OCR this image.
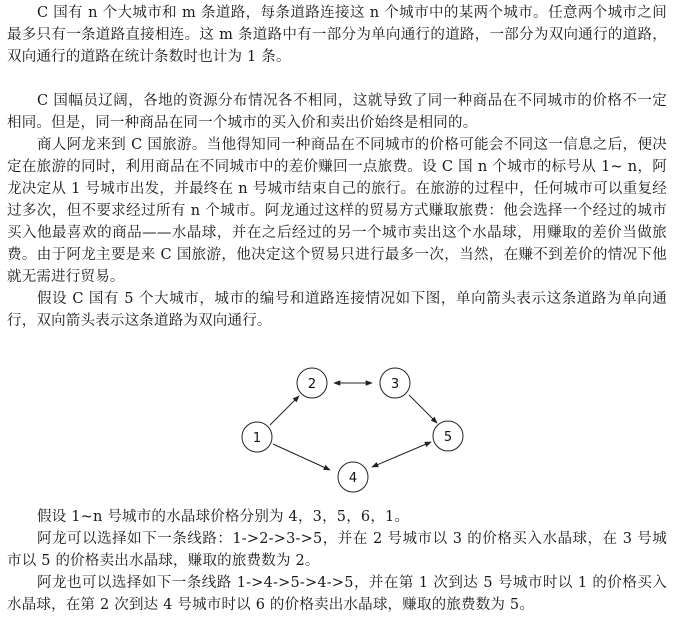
C 国有 n 个大城市和 m 条道路，每条道路连接这 n 个城市中的某两个城市。任意两个城市之间最多只有一条道路直接相连。这 m 条道路中有一部分为单向通行的道路，一部分为双向通行的道路，双向通行的道路在统计条数时也计为 1 条。

C 国幅员辽阔，各地的资源分布情况各不相同，这就导致了同一种商品在不同城市的价格不一定相同。但是，同一种商品在同一个城市的买入价和卖出价始终是相同的。

商人阿龙来到 C 国旅游。当他得知同一种商品在不同城市的价格可能会不同这一信息之后，便决定在旅游的同时，利用商品在不同城市中的差价赚回一点旅费。设 C 国 n 个城市的标号从 1~ n，阿龙决定从 1 号城市出发，并最终在 n 号城市结束自己的旅行。在旅游的过程中，任何城市可以重复经过多次，但不要求经过所有 n 个城市。阿龙通过这样的贸易方式赚取旅费：他会选择一个经过的城市买入他最喜欢的商品——水晶球，并在之后经过的另一个城市卖出这个水晶球，用赚取的差价当做旅费。由于阿龙主要是来 C 国旅游，他决定这个贸易只进行最多一次，当然，在赚不到差价的情况下他就无需进行贸易。

假设 C 国有 5 个大城市，城市的编号和道路连接情况如下图，单向箭头表示这条道路为单向通行，双向箭头表示这条道路为双向通行。

1
2	3
4
5

假设 1~n 号城市的水晶球价格分别为 4，3，5，6，1。

阿龙可以选择如下一条线路：1->2->3->5，并在 2 号城市以 3 的价格买入水晶球，在 3 号城市以 5 的价格卖出水晶球，赚取的旅费数为 2。

阿龙也可以选择如下一条线路 1->4->5->4->5，并在第 1 次到达 5 号城市时以 1 的价格买入水晶球，在第 2 次到达 4 号城市时以 6 的价格卖出水晶球，赚取的旅费数为 5。
